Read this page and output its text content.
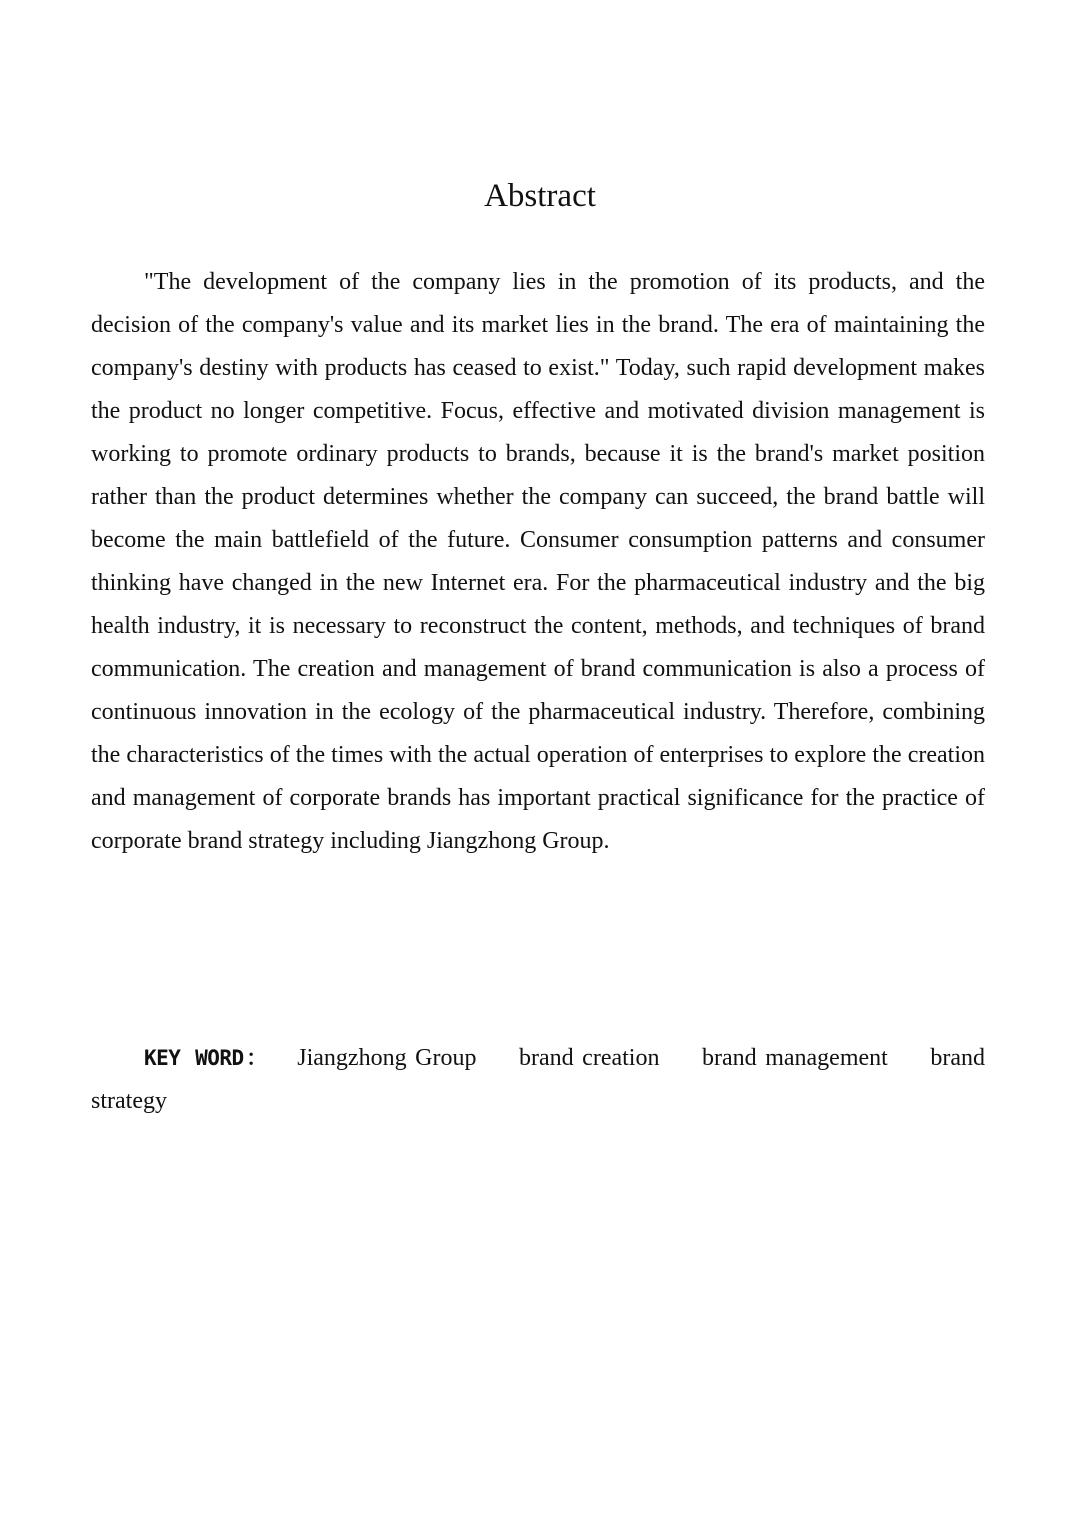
Abstract

"The development of the company lies in the promotion of its products, and the decision of the company's value and its market lies in the brand. The era of maintaining the company's destiny with products has ceased to exist." Today, such rapid development makes the product no longer competitive. Focus, effective and motivated division management is working to promote ordinary products to brands, because it is the brand's market position rather than the product determines whether the company can succeed, the brand battle will become the main battlefield of the future. Consumer consumption patterns and consumer thinking have changed in the new Internet era. For the pharmaceutical industry and the big health industry, it is necessary to reconstruct the content, methods, and techniques of brand communication. The creation and management of brand communication is also a process of continuous innovation in the ecology of the pharmaceutical industry. Therefore, combining the characteristics of the times with the actual operation of enterprises to explore the creation and management of corporate brands has important practical significance for the practice of corporate brand strategy including Jiangzhong Group.

KEY WORD： Jiangzhong Group brand creation brand management brand strategy
